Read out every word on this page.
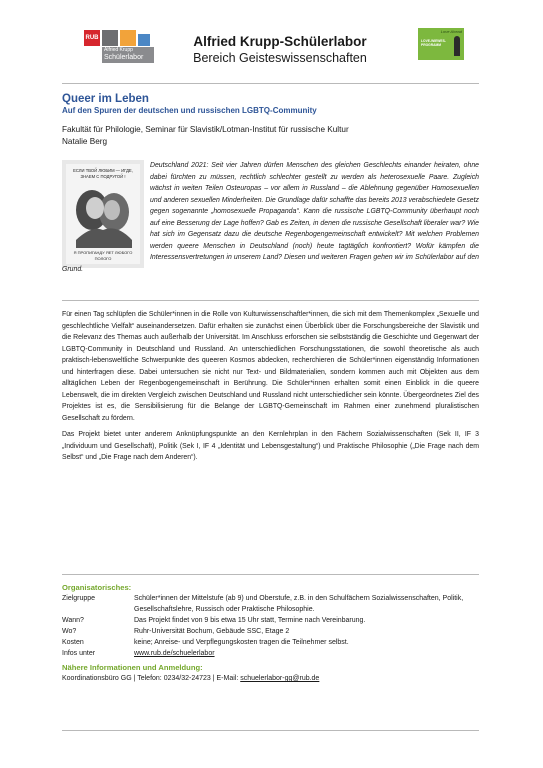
RUB
Alfried Krupp
Schülerlabor
Alfried Krupp-Schülerlabor
Bereich Geisteswissenschaften
Love Ahead
LOVE-WIEWES-
PROGRAMM
Queer im Leben
Auf den Spuren der deutschen und russischen LGBTQ-Community
Fakultät für Philologie, Seminar für Slavistik/Lotman-Institut für russische Kultur
Natalie Berg
ЕСЛИ ТВОЙ ЛЮБИМ — ИГДЕ,
ЗНАЕМ С ПОДРУГОЙ !
Я ПРОПИГАНДУ ЯЕТ ЛЮБОГО
ПОЛОГО

Deutschland 2021: Seit vier Jahren dürfen Menschen des gleichen Geschlechts einander heiraten, ohne dabei fürchten zu müssen, rechtlich schlechter gestellt zu werden als heterosexuelle Paare. Zugleich wächst in weiten Teilen Osteuropas – vor allem in Russland – die Ablehnung gegenüber Homosexuellen und anderen sexuellen Minderheiten. Die Grundlage dafür schaffte das bereits 2013 verabschiedete Gesetz gegen sogenannte „homosexuelle Propaganda“. Kann die russische LGBTQ-Community überhaupt noch auf eine Besserung der Lage hoffen? Gab es Zeiten, in denen die russische Gesellschaft liberaler war? Wie hat sich im Gegensatz dazu die deutsche Regenbogengemeinschaft entwickelt? Mit welchen Problemen werden queere Menschen in Deutschland (noch) heute tagtäglich konfrontiert? Wofür kämpfen die Interessensvertretungen in unserem Land? Diesen und weiteren Fragen gehen wir im Schülerlabor auf den Grund.

Für einen Tag schlüpfen die Schüler*innen in die Rolle von Kulturwissenschaftler*innen, die sich mit dem Themenkomplex „Sexuelle und geschlechtliche Vielfalt“ auseinandersetzen. Dafür erhalten sie zunächst einen Überblick über die Forschungsbereiche der Slavistik und die Relevanz des Themas auch außerhalb der Universität. Im Anschluss erforschen sie selbstständig die Geschichte und Gegenwart der LGBTQ-Community in Deutschland und Russland. An unterschiedlichen Forschungsstationen, die sowohl theoretische als auch praktisch-lebensweltliche Schwerpunkte des queeren Kosmos abdecken, recherchieren die Schüler*innen eigenständig Informationen und hinterfragen diese. Dabei untersuchen sie nicht nur Text- und Bildmaterialien, sondern kommen auch mit Objekten aus dem alltäglichen Leben der Regenbogengemeinschaft in Berührung. Die Schüler*innen erhalten somit einen Einblick in die queere Lebenswelt, die im direkten Vergleich zwischen Deutschland und Russland nicht unterschiedlicher sein könnte. Übergeordnetes Ziel des Projektes ist es, die Sensibilisierung für die Belange der LGBTQ-Gemeinschaft im Rahmen einer zunehmend pluralistischen Gesellschaft zu fördern.

Das Projekt bietet unter anderem Anknüpfungspunkte an den Kernlehrplan in den Fächern Sozialwissenschaften (Sek II, IF 3 „Individuum und Gesellschaft), Politik (Sek I, IF 4 „Identität und Lebensgestaltung“) und Praktische Philosophie („Die Frage nach dem Selbst“ und „Die Frage nach dem Anderen“).

Organisatorisches:
Zielgruppe	Schüler*innen der Mittelstufe (ab 9) und Oberstufe, z.B. in den Schulfächern Sozialwissenschaften, Politik, Gesellschaftslehre, Russisch oder Praktische Philosophie.
Wann?	Das Projekt findet von 9 bis etwa 15 Uhr statt, Termine nach Vereinbarung.
Wo?	Ruhr-Universität Bochum, Gebäude SSC, Etage 2
Kosten	keine; Anreise- und Verpflegungskosten tragen die Teilnehmer selbst.
Infos unter	www.rub.de/schuelerlabor
Nähere Informationen und Anmeldung:
Koordinationsbüro GG | Telefon: 0234/32-24723 | E-Mail: schuelerlabor-gg@rub.de
